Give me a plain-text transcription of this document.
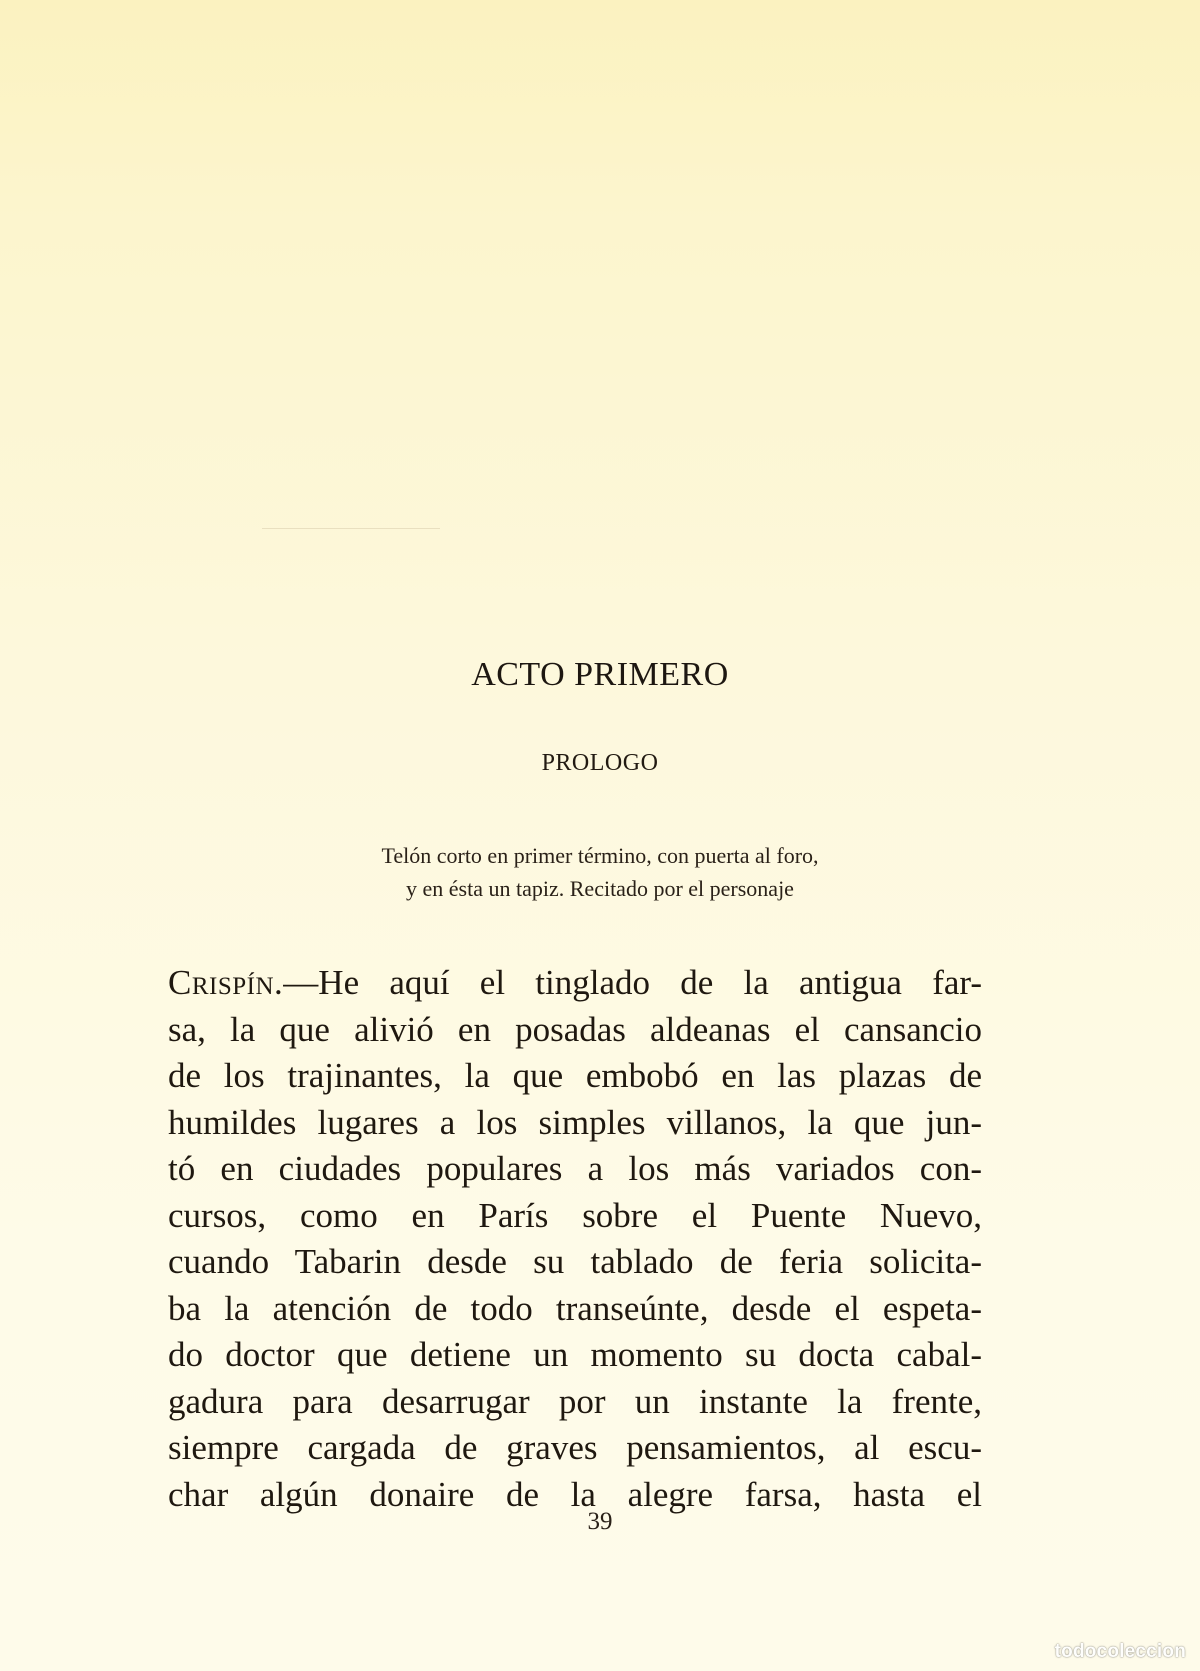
ACTO PRIMERO
PROLOGO
Telón corto en primer término, con puerta al foro,
y en ésta un tapiz. Recitado por el personaje
Crispín.—He aquí el tinglado de la antigua far-
sa, la que alivió en posadas aldeanas el cansancio
de los trajinantes, la que embobó en las plazas de
humildes lugares a los simples villanos, la que jun-
tó en ciudades populares a los más variados con-
cursos, como en París sobre el Puente Nuevo,
cuando Tabarin desde su tablado de feria solicita-
ba la atención de todo transeúnte, desde el espeta-
do doctor que detiene un momento su docta cabal-
gadura para desarrugar por un instante la frente,
siempre cargada de graves pensamientos, al escu-
char algún donaire de la alegre farsa, hasta el
39
todocoleccion
